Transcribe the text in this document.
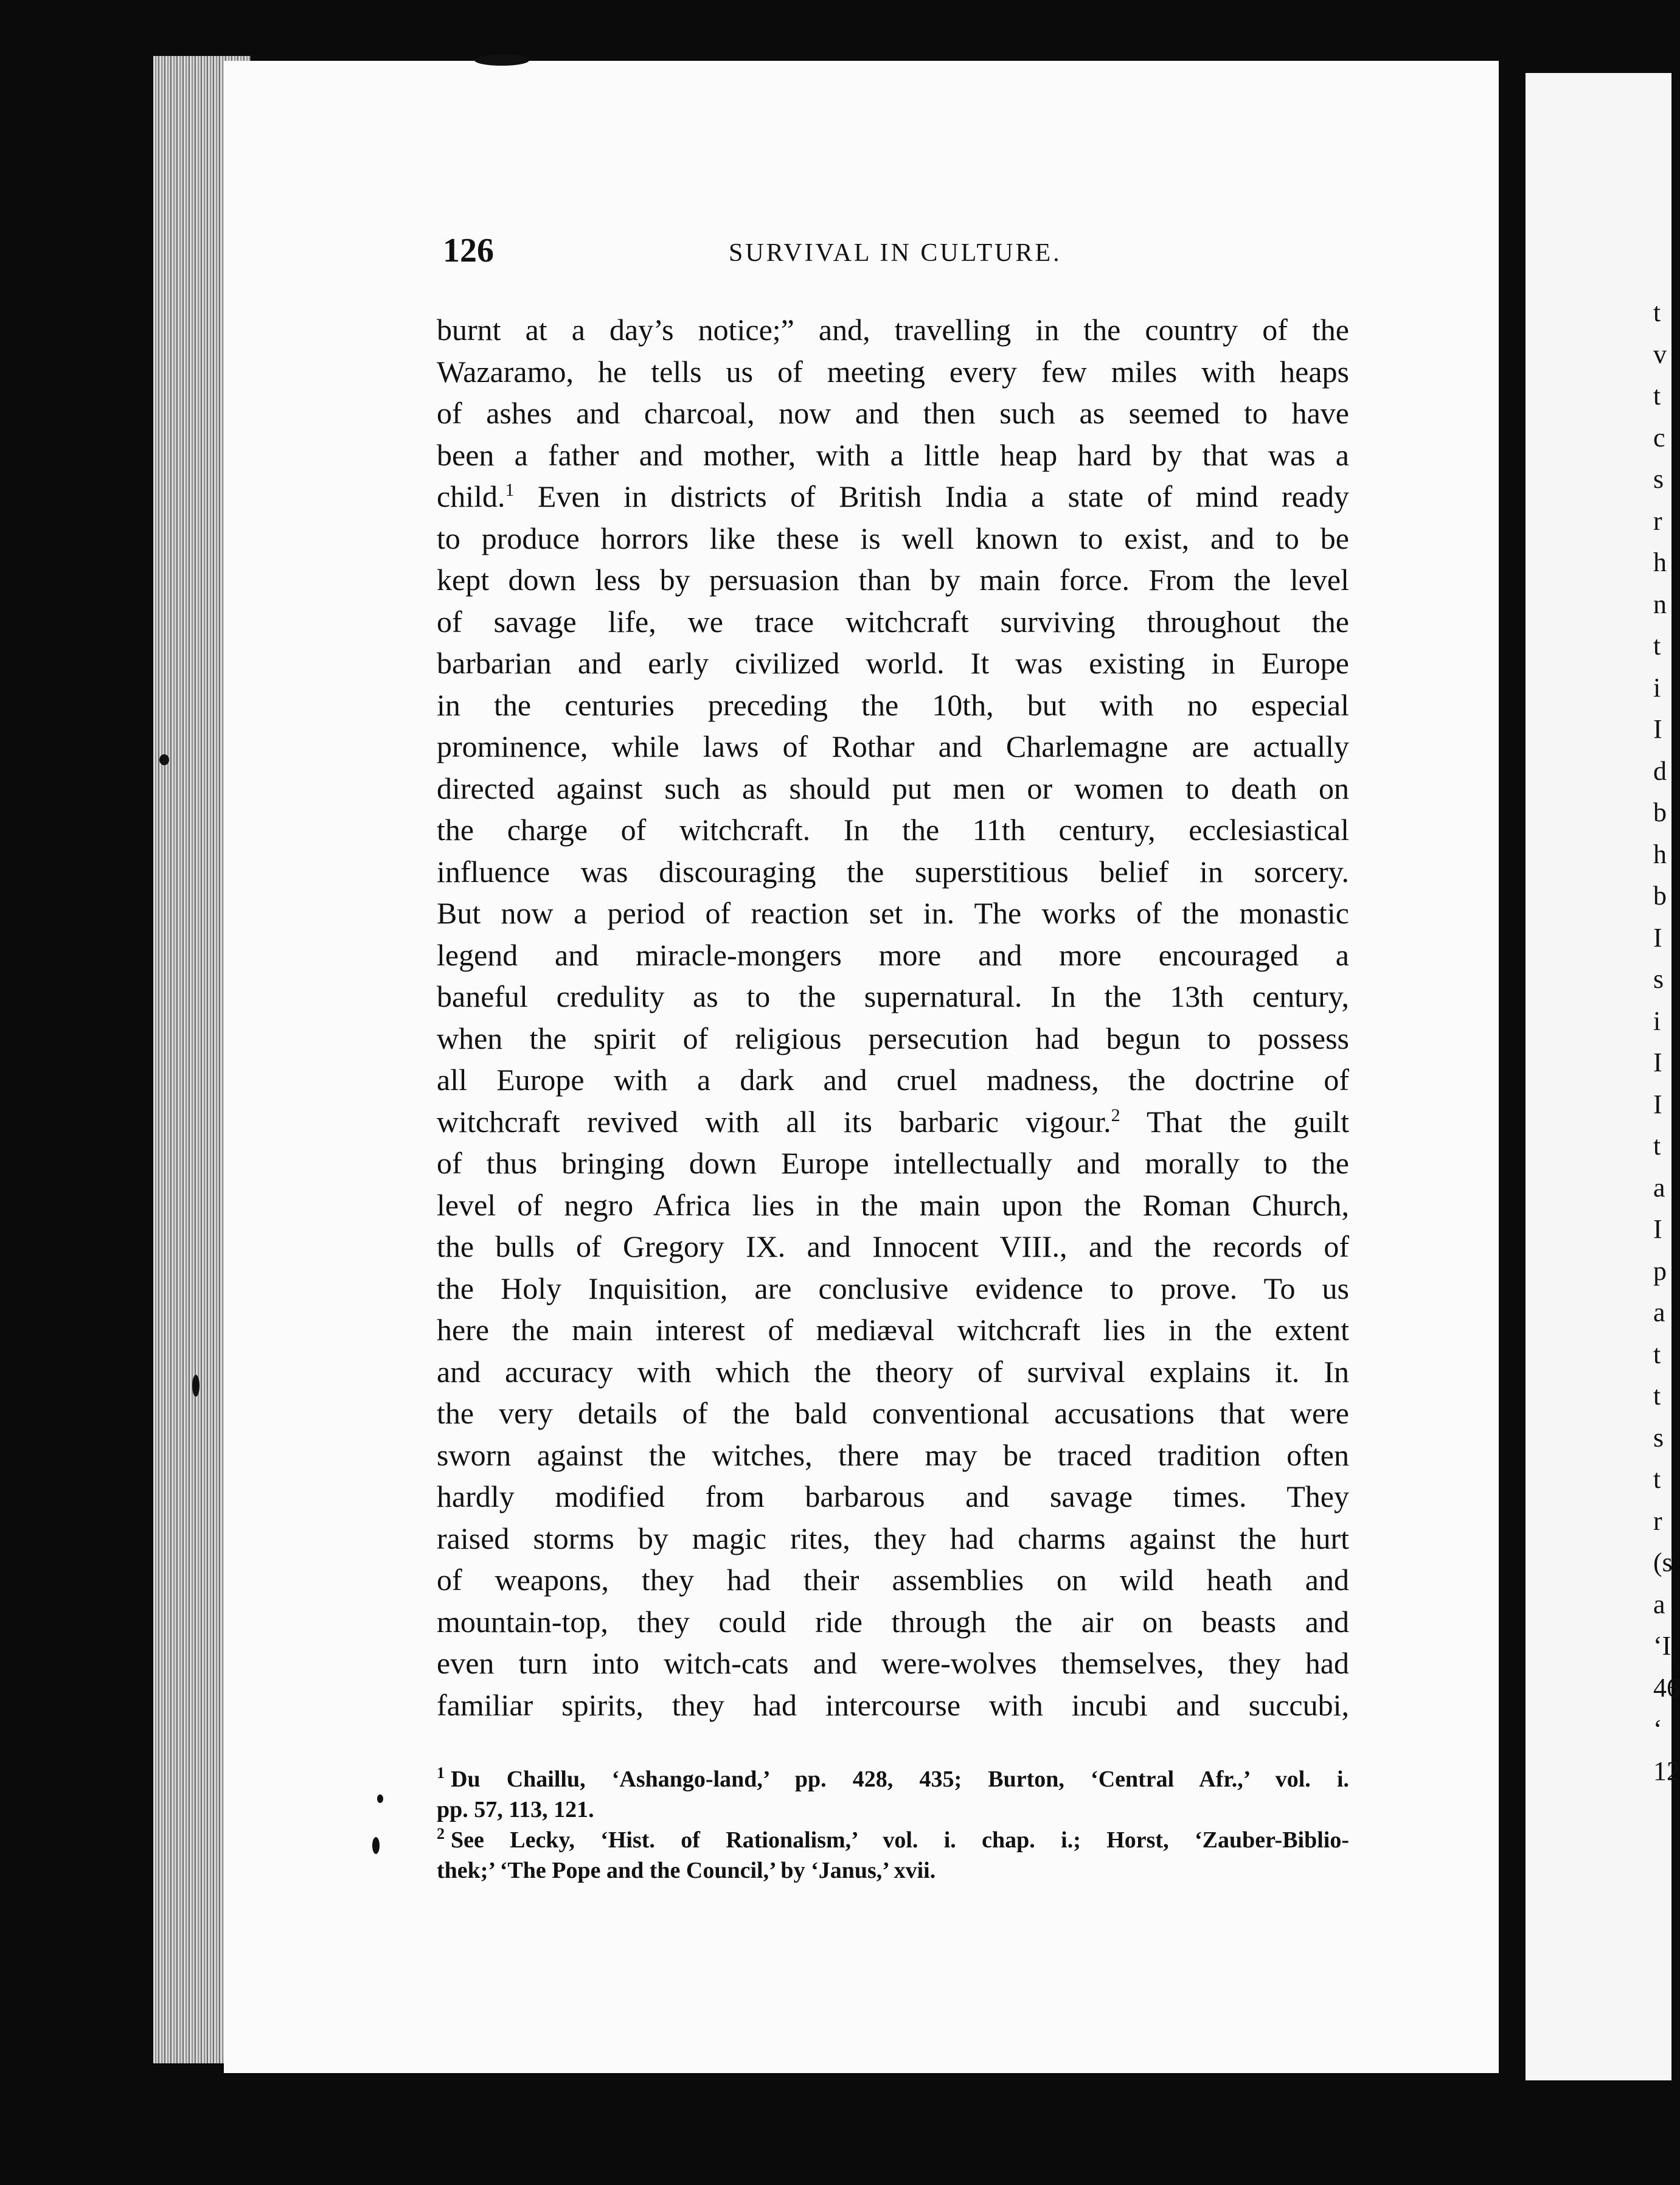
t
v
t
c
s
r
h
n
t
i
I
d
b
h
b
I
s
i
I
I
t
a
I
p
a
t
t
s
t
r
(s
a
‘I
46
‘
12
126	SURVIVAL IN CULTURE.
burnt at a day’s notice;” and, travelling in the country of the
Wazaramo, he tells us of meeting every few miles with heaps
of ashes and charcoal, now and then such as seemed to have
been a father and mother, with a little heap hard by that was a
child.$^1$ Even in districts of British India a state of mind ready
to produce horrors like these is well known to exist, and to be
kept down less by persuasion than by main force. From the level
of savage life, we trace witchcraft surviving throughout the
barbarian and early civilized world. It was existing in Europe
in the centuries preceding the 10th, but with no especial
prominence, while laws of Rothar and Charlemagne are actually
directed against such as should put men or women to death on
the charge of witchcraft. In the 11th century, ecclesiastical
influence was discouraging the superstitious belief in sorcery.
But now a period of reaction set in. The works of the monastic
legend and miracle-mongers more and more encouraged a
baneful credulity as to the supernatural. In the 13th century,
when the spirit of religious persecution had begun to possess
all Europe with a dark and cruel madness, the doctrine of
witchcraft revived with all its barbaric vigour.$^2$ That the guilt
of thus bringing down Europe intellectually and morally to the
level of negro Africa lies in the main upon the Roman Church,
the bulls of Gregory IX. and Innocent VIII., and the records of
the Holy Inquisition, are conclusive evidence to prove. To us
here the main interest of mediæval witchcraft lies in the extent
and accuracy with which the theory of survival explains it. In
the very details of the bald conventional accusations that were
sworn against the witches, there may be traced tradition often
hardly modified from barbarous and savage times. They
raised storms by magic rites, they had charms against the hurt
of weapons, they had their assemblies on wild heath and
mountain-top, they could ride through the air on beasts and
even turn into witch-cats and were-wolves themselves, they had
familiar spirits, they had intercourse with incubi and succubi,
$^1$ Du Chaillu, ‘Ashango-land,’ pp. 428, 435; Burton, ‘Central Afr.,’ vol. i.
pp. 57, 113, 121.
$^2$ See Lecky, ‘Hist. of Rationalism,’ vol. i. chap. i.; Horst, ‘Zauber-Biblio-
thek;’ ‘The Pope and the Council,’ by ‘Janus,’ xvii.
